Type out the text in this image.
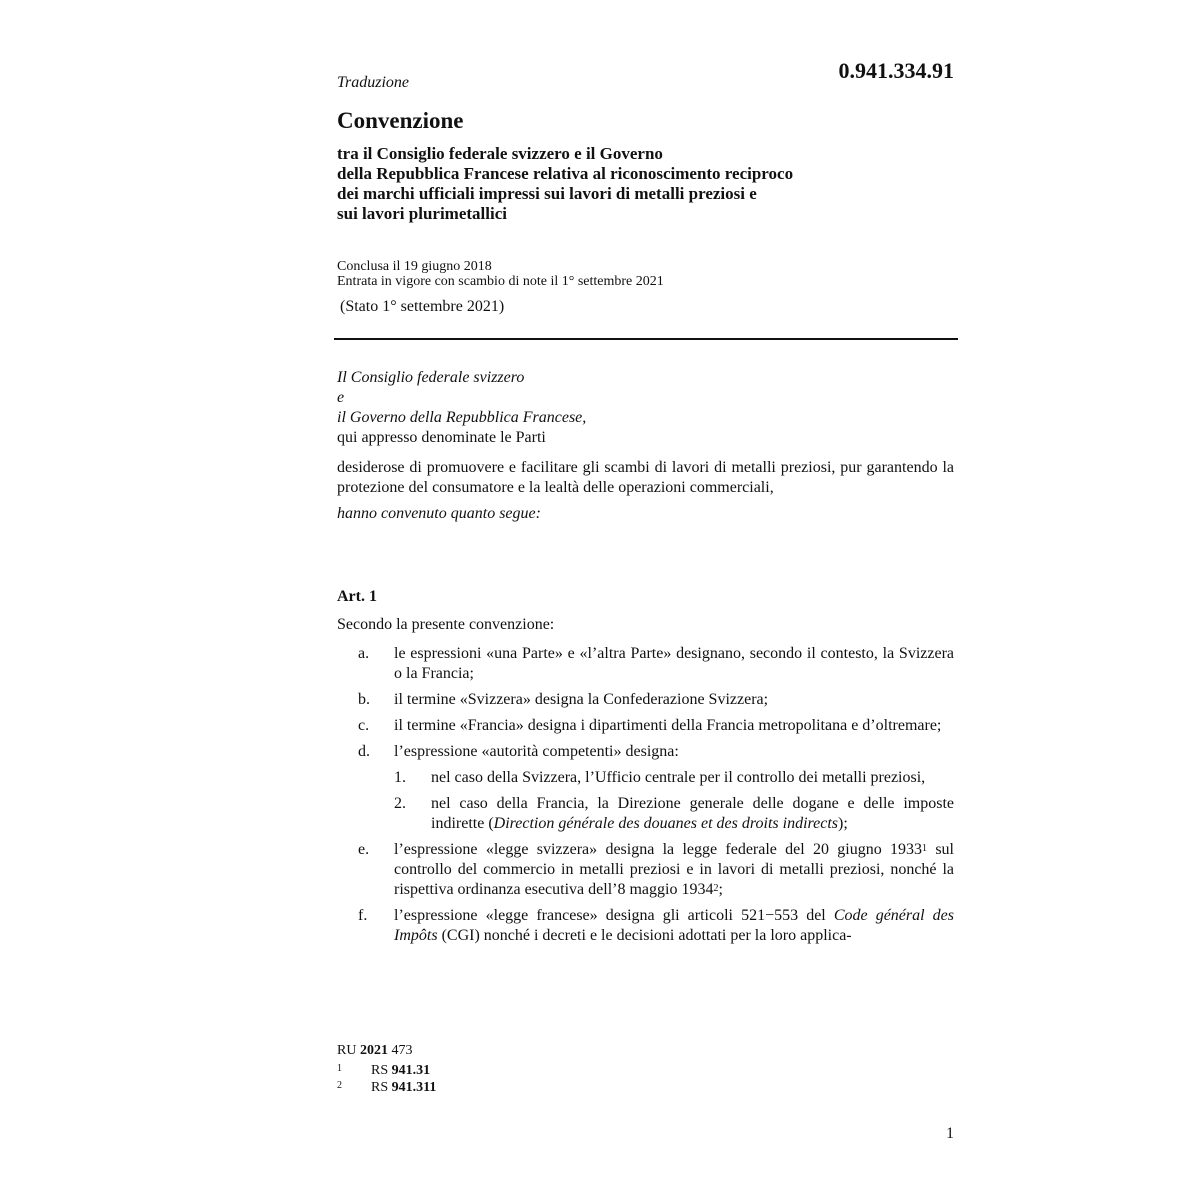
0.941.334.91
Traduzione
Convenzione
tra il Consiglio federale svizzero e il Governo
della Repubblica Francese relativa al riconoscimento reciproco
dei marchi ufficiali impressi sui lavori di metalli preziosi e
sui lavori plurimetallici
Conclusa il 19 giugno 2018
Entrata in vigore con scambio di note il 1° settembre 2021
(Stato 1° settembre 2021)
Il Consiglio federale svizzero
e
il Governo della Repubblica Francese,
qui appresso denominate le Parti
desiderose di promuovere e facilitare gli scambi di lavori di metalli preziosi, pur garantendo la protezione del consumatore e la lealtà delle operazioni commerciali,
hanno convenuto quanto segue:
Art. 1
Secondo la presente convenzione:
a. le espressioni «una Parte» e «l’altra Parte» designano, secondo il contesto, la Svizzera o la Francia;
b. il termine «Svizzera» designa la Confederazione Svizzera;
c. il termine «Francia» designa i dipartimenti della Francia metropolitana e d’oltremare;
d. l’espressione «autorità competenti» designa:
1. nel caso della Svizzera, l’Ufficio centrale per il controllo dei metalli preziosi,
2. nel caso della Francia, la Direzione generale delle dogane e delle imposte indirette (Direction générale des douanes et des droits indirects);
e. l’espressione «legge svizzera» designa la legge federale del 20 giugno 1933$^1$ sul controllo del commercio in metalli preziosi e in lavori di metalli preziosi, nonché la rispettiva ordinanza esecutiva dell’8 maggio 1934$^2$;
f. l’espressione «legge francese» designa gli articoli 521−553 del Code général des Impôts (CGI) nonché i decreti e le decisioni adottati per la loro applica-
RU 2021 473
1 RS 941.31
2 RS 941.311
1
